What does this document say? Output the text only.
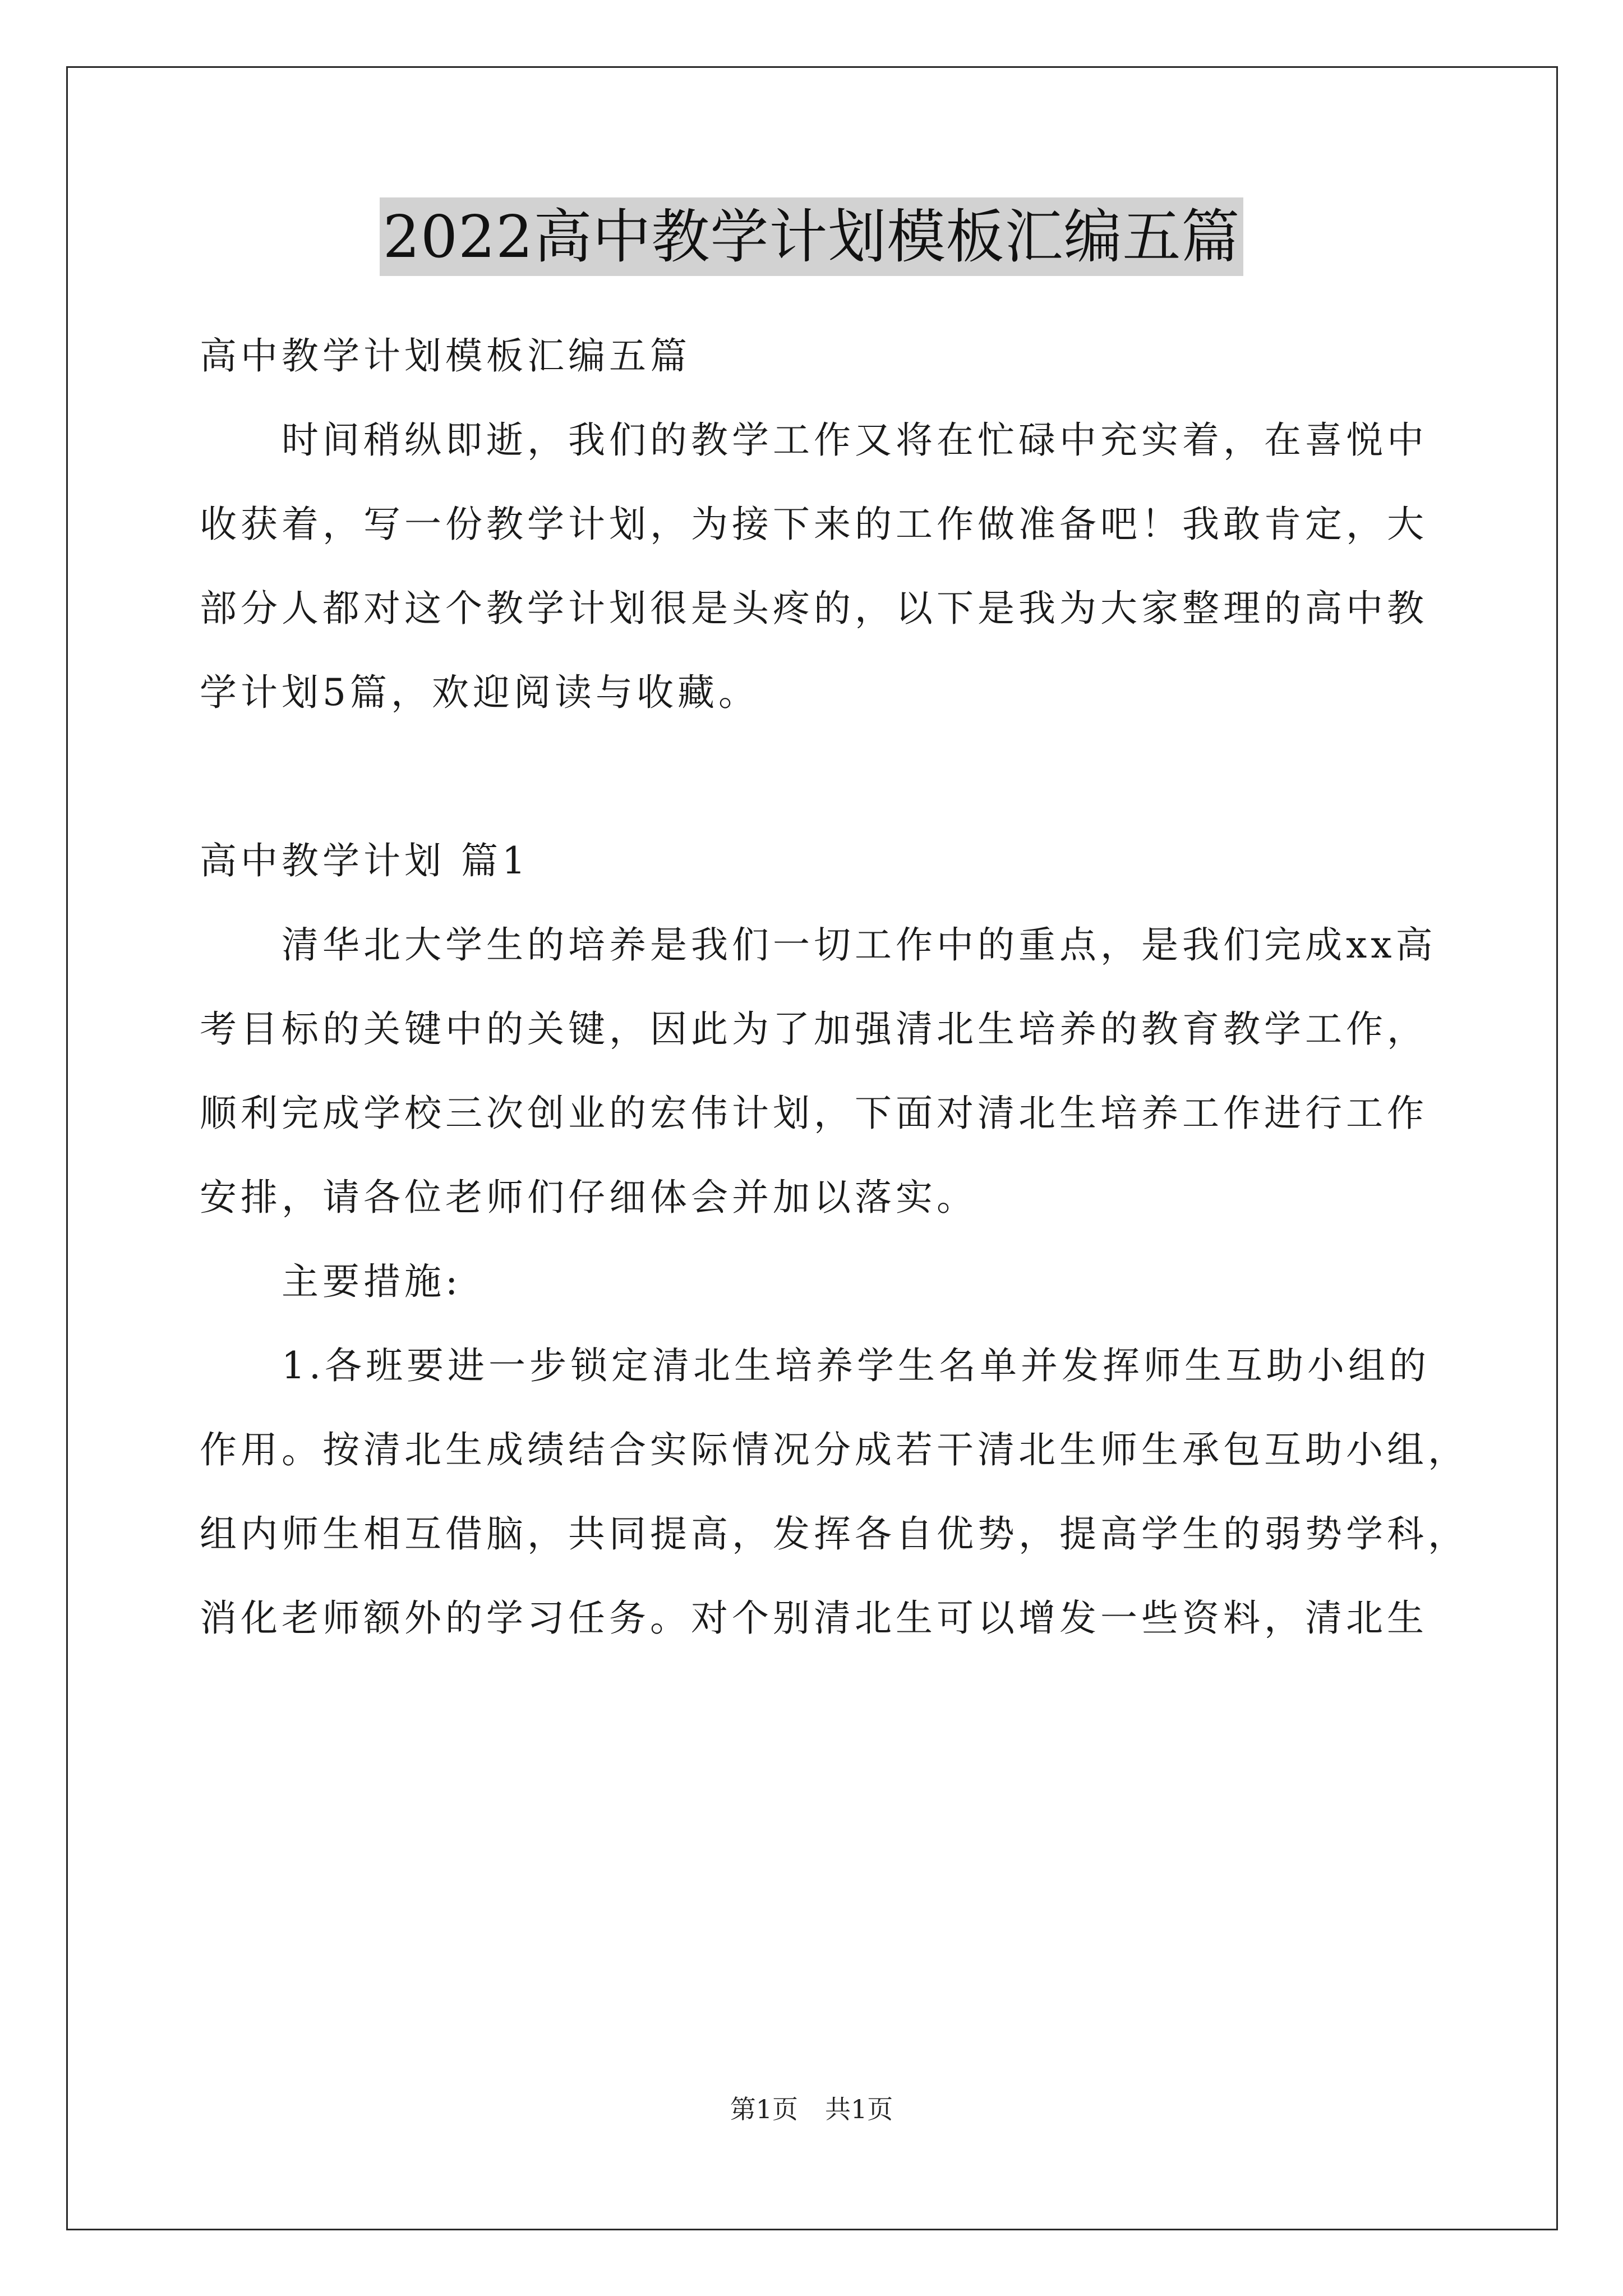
2022高中教学计划模板汇编五篇
高中教学计划模板汇编五篇
时间稍纵即逝，我们的教学工作又将在忙碌中充实着，在喜悦中
收获着，写一份教学计划，为接下来的工作做准备吧！我敢肯定，大
部分人都对这个教学计划很是头疼的，以下是我为大家整理的高中教
学计划5篇，欢迎阅读与收藏。
高中教学计划 篇1
清华北大学生的培养是我们一切工作中的重点，是我们完成xx高
考目标的关键中的关键，因此为了加强清北生培养的教育教学工作，
顺利完成学校三次创业的宏伟计划，下面对清北生培养工作进行工作
安排，请各位老师们仔细体会并加以落实。
主要措施:
1.各班要进一步锁定清北生培养学生名单并发挥师生互助小组的
作用。按清北生成绩结合实际情况分成若干清北生师生承包互助小组，
组内师生相互借脑，共同提高，发挥各自优势，提高学生的弱势学科，
消化老师额外的学习任务。对个别清北生可以增发一些资料，清北生
第1页 共1页
